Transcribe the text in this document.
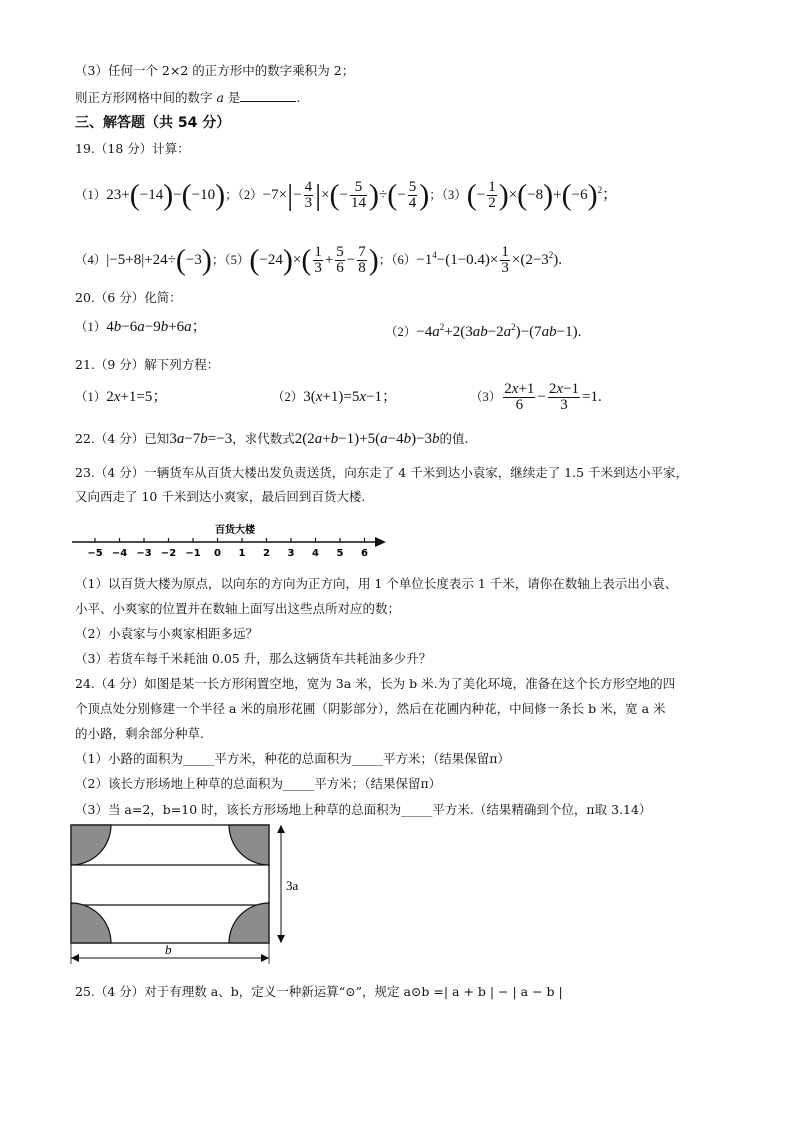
（3）任何一个 2×2 的正方形中的数字乘积为 2；
则正方形网格中间的数字 a 是	.
三、解答题（共 54 分）
19.（18 分）计算：
（1）23+(−14)−(−10)；$(2)-7\times|- \frac{4}{3}$ |×(− $\frac{5}{14}$ )÷(− $\frac{5}{4}$ )；$(3)(- \frac{1}{2} )\times(-8)+(-6)^2$；
（4）|−5+8|+24÷(−3)；$(5)(-24)\times( \frac{1}{3} + \frac{5}{6} - \frac{7}{8}$ )；$(6)-1^4-(1-0.4)\times \frac{1}{3} \times(2-3^2)$.
20.（6 分）化简：
（1）4b−6a−9b+6a；	$(2)-4a^2+2(3ab-2a^2)-(7ab-1)$.
21.（9 分）解下列方程：
（1）2x+1=5；	（2）3(x+1)=5x−1；	$(3) \frac{2x+1}{6} - \frac{2x-1}{3} =1$.
22.（4 分）已知3a−7b=−3，求代数式2(2a+b−1)+5(a−4b)−3b的值.
23.（4 分）一辆货车从百货大楼出发负责送货，向东走了 4 千米到达小袁家，继续走了 1.5 千米到达小平家，
又向西走了 10 千米到达小爽家，最后回到百货大楼.
−5 −4 −3 −2 −1 0 1 2 3 4 5 6
百货大楼
（1）以百货大楼为原点，以向东的方向为正方向，用 1 个单位长度表示 1 千米，请你在数轴上表示出小袁、
小平、小爽家的位置并在数轴上面写出这些点所对应的数；
（2）小袁家与小爽家相距多远？
（3）若货车每千米耗油 0.05 升，那么这辆货车共耗油多少升？
24.（4 分）如图是某一长方形闲置空地，宽为 3a 米，长为 b 米.为了美化环境，准备在这个长方形空地的四
个顶点处分别修建一个半径 a 米的扇形花圃（阴影部分），然后在花圃内种花，中间修一条长 b 米，宽 a 米
的小路，剩余部分种草.
（1）小路的面积为_____平方米，种花的总面积为_____平方米；（结果保留π）
（2）该长方形场地上种草的总面积为_____平方米；（结果保留π）
（3）当 a=2，b=10 时，该长方形场地上种草的总面积为_____平方米.（结果精确到个位，π取 3.14）
3a
b
25.（4 分）对于有理数 a、b，定义一种新运算“⊙”，规定 a⊙b =| a + b | − | a − b |
